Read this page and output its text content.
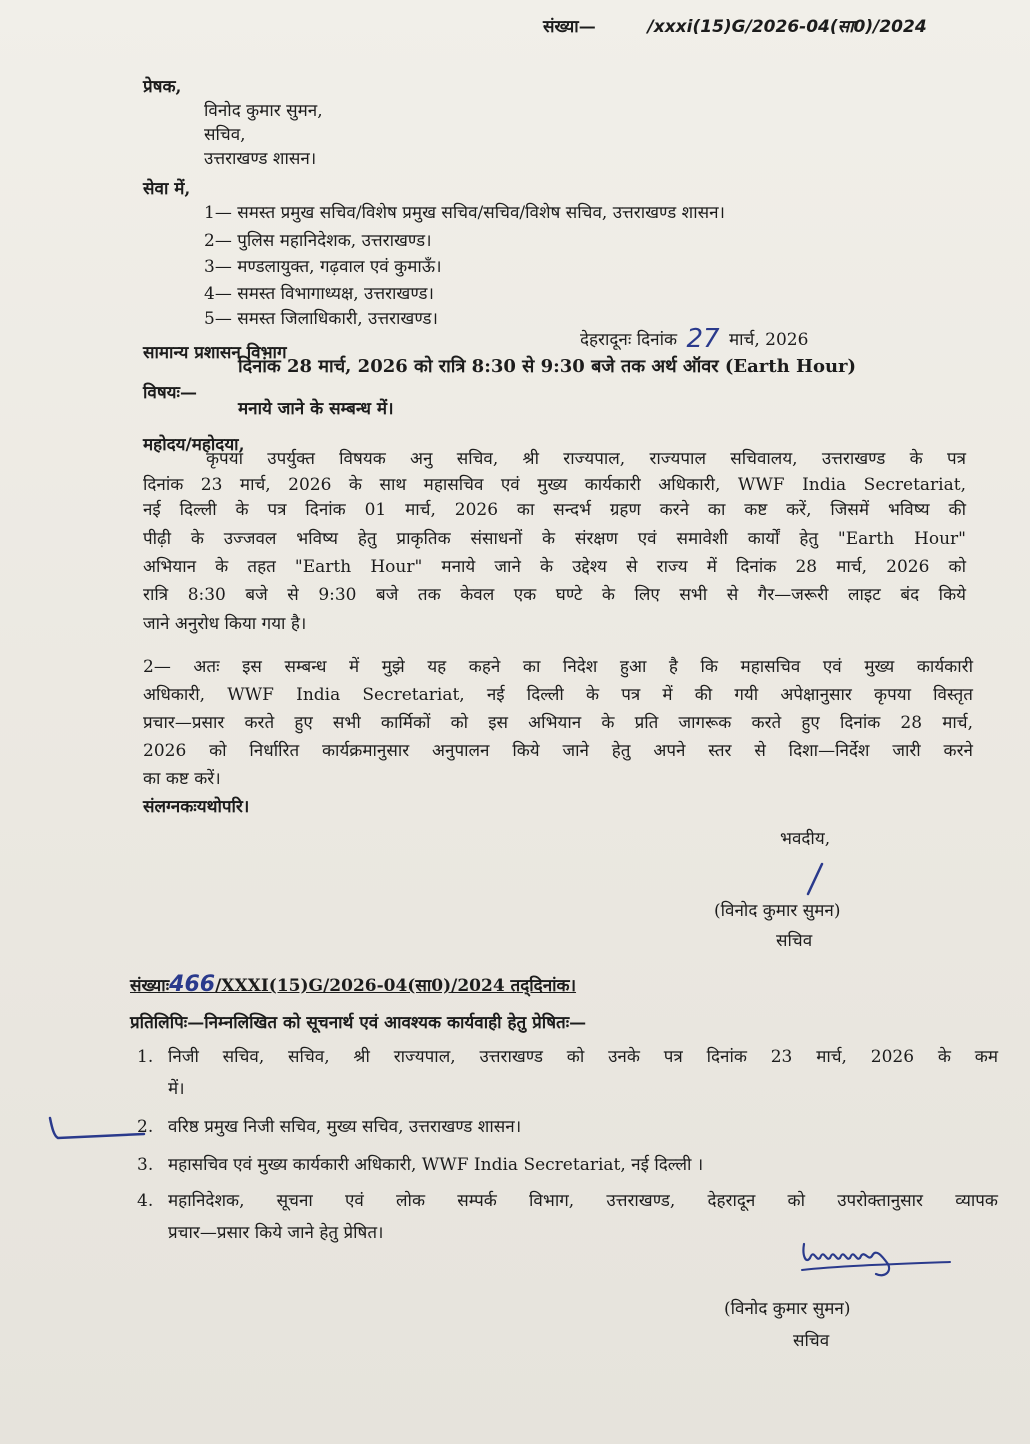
संख्या—	/xxxi(15)G/2026-04(सा0)/2024
प्रेषक,
विनोद कुमार सुमन,
सचिव,
उत्तराखण्ड शासन।
सेवा में,
1— समस्त प्रमुख सचिव/विशेष प्रमुख सचिव/सचिव/विशेष सचिव, उत्तराखण्ड शासन।
2— पुलिस महानिदेशक, उत्तराखण्ड।
3— मण्डलायुक्त, गढ़वाल एवं कुमाऊँ।
4— समस्त विभागाध्यक्ष, उत्तराखण्ड।
5— समस्त जिलाधिकारी, उत्तराखण्ड।
सामान्य प्रशासन विभाग
देहरादूनः दिनांक 27 मार्च, 2026
विषयः—
दिनांक 28 मार्च, 2026 को रात्रि 8:30 से 9:30 बजे तक अर्थ ऑवर (Earth Hour)
मनाये जाने के सम्बन्ध में।
महोदय/महोदया,
कृपया उपर्युक्त विषयक अनु सचिव, श्री राज्यपाल, राज्यपाल सचिवालय, उत्तराखण्ड के पत्र
दिनांक 23 मार्च, 2026 के साथ महासचिव एवं मुख्य कार्यकारी अधिकारी, WWF India Secretariat,
नई दिल्ली के पत्र दिनांक 01 मार्च, 2026 का सन्दर्भ ग्रहण करने का कष्ट करें, जिसमें भविष्य की
पीढ़ी के उज्जवल भविष्य हेतु प्राकृतिक संसाधनों के संरक्षण एवं समावेशी कार्यों हेतु "Earth Hour"
अभियान के तहत "Earth Hour" मनाये जाने के उद्देश्य से राज्य में दिनांक 28 मार्च, 2026 को
रात्रि 8:30 बजे से 9:30 बजे तक केवल एक घण्टे के लिए सभी से गैर—जरूरी लाइट बंद किये
जाने अनुरोध किया गया है।
2— अतः इस सम्बन्ध में मुझे यह कहने का निदेश हुआ है कि महासचिव एवं मुख्य कार्यकारी
अधिकारी, WWF India Secretariat, नई दिल्ली के पत्र में की गयी अपेक्षानुसार कृपया विस्तृत
प्रचार—प्रसार करते हुए सभी कार्मिकों को इस अभियान के प्रति जागरूक करते हुए दिनांक 28 मार्च,
2026 को निर्धारित कार्यक्रमानुसार अनुपालन किये जाने हेतु अपने स्तर से दिशा—निर्देश जारी करने
का कष्ट करें।
संलग्नकःयथोपरि।
भवदीय,
(विनोद कुमार सुमन)
सचिव
संख्याः466/XXXI(15)G/2026-04(सा0)/2024 तद्‌दिनांक।
प्रतिलिपिः—निम्नलिखित को सूचनार्थ एवं आवश्यक कार्यवाही हेतु प्रेषितः—
1. निजी सचिव, सचिव, श्री राज्यपाल, उत्तराखण्ड को उनके पत्र दिनांक 23 मार्च, 2026 के कम
में।
2. वरिष्ठ प्रमुख निजी सचिव, मुख्य सचिव, उत्तराखण्ड शासन।
3. महासचिव एवं मुख्य कार्यकारी अधिकारी, WWF India Secretariat, नई दिल्ली ।
4. महानिदेशक, सूचना एवं लोक सम्पर्क विभाग, उत्तराखण्ड, देहरादून को उपरोक्तानुसार व्यापक
प्रचार—प्रसार किये जाने हेतु प्रेषित।
(विनोद कुमार सुमन)
सचिव
